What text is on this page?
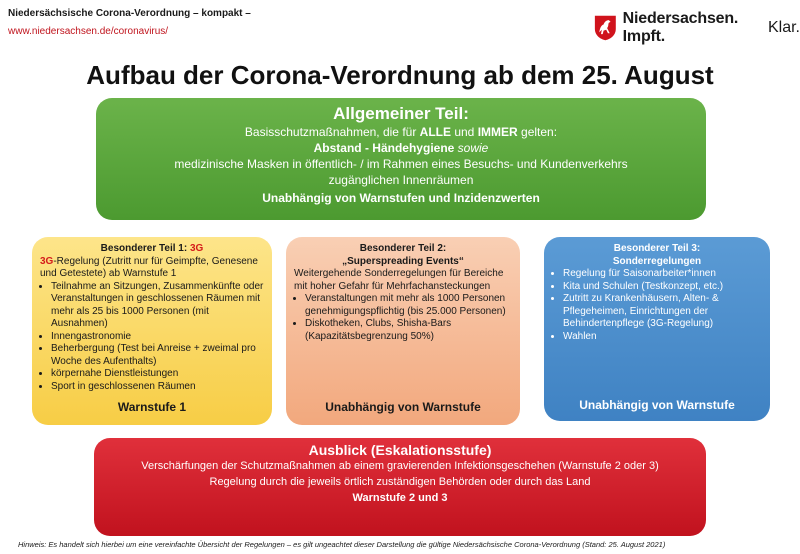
Niedersächsische Corona-Verordnung – kompakt –
www.niedersachsen.de/coronavirus/
Niedersachsen. Impft.
Klar.
Aufbau der Corona-Verordnung ab dem 25. August
Allgemeiner Teil:
Basisschutzmaßnahmen, die für ALLE und IMMER gelten:
Abstand - Händehygiene sowie
medizinische Masken in öffentlich- / im Rahmen eines Besuchs- und Kundenverkehrs
zugänglichen Innenräumen
Unabhängig von Warnstufen und Inzidenzwerten
Besonderer Teil 1: 3G
3G-Regelung (Zutritt nur für Geimpfte, Genesene und Getestete) ab Warnstufe 1
• Teilnahme an Sitzungen, Zusammenkünfte oder Veranstaltungen in geschlossenen Räumen mit mehr als 25 bis 1000 Personen (mit Ausnahmen)
• Innengastronomie
• Beherbergung (Test bei Anreise + zweimal pro Woche des Aufenthalts)
• körpernahe Dienstleistungen
• Sport in geschlossenen Räumen
Warnstufe 1
Besonderer Teil 2:
„Superspreading Events“
Weitergehende Sonderregelungen für Bereiche mit hoher Gefahr für Mehrfachansteckungen
• Veranstaltungen mit mehr als 1000 Personen genehmigungspflichtig (bis 25.000 Personen)
• Diskotheken, Clubs, Shisha-Bars (Kapazitätsbegrenzung 50%)
Unabhängig von Warnstufe
Besonderer Teil 3:
Sonderregelungen
• Regelung für Saisonarbeiter*innen
• Kita und Schulen (Testkonzept, etc.)
• Zutritt zu Krankenhäusern, Alten- & Pflegeheimen, Einrichtungen der Behindertenpflege (3G-Regelung)
• Wahlen
Unabhängig von Warnstufe
Ausblick (Eskalationsstufe)
Verschärfungen der Schutzmaßnahmen ab einem gravierenden Infektionsgeschehen (Warnstufe 2 oder 3)
Regelung durch die jeweils örtlich zuständigen Behörden oder durch das Land
Warnstufe 2 und 3
Hinweis: Es handelt sich hierbei um eine vereinfachte Übersicht der Regelungen – es gilt ungeachtet dieser Darstellung die gültige Niedersächsische Corona-Verordnung (Stand: 25. August 2021)
